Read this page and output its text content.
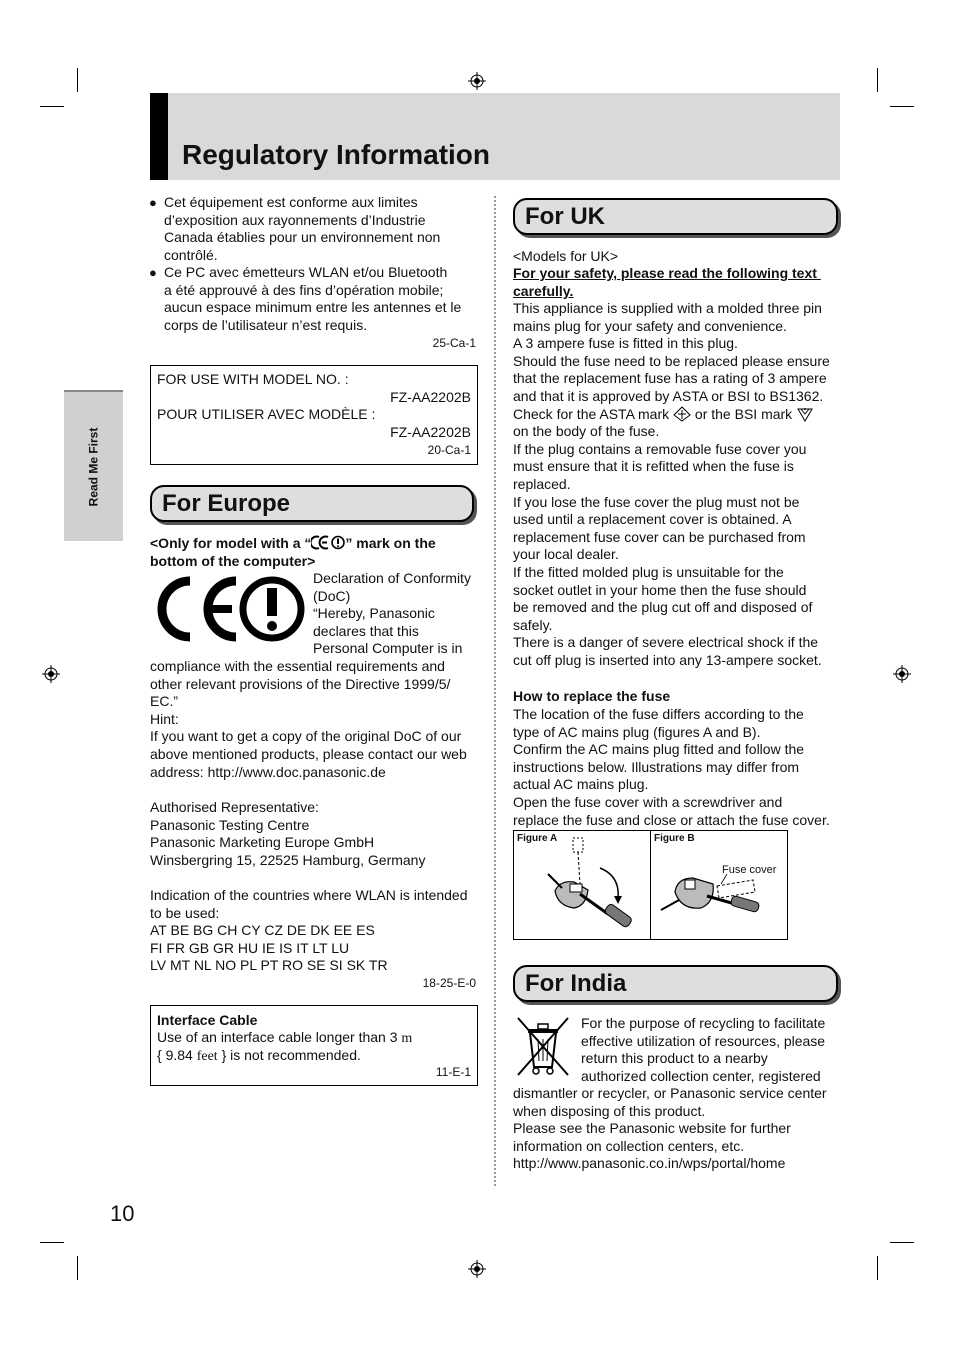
Regulatory Information
Read Me First
● Cet équipement est conforme aux limites
d’exposition aux rayonnements d’Industrie
Canada établies pour un environnement non
contrôlé.
● Ce PC avec émetteurs WLAN et/ou Bluetooth
a été approuvé à des fins d’opération mobile;
aucun espace minimum entre les antennes et le
corps de l’utilisateur n’est requis.
25-Ca-1
FOR USE WITH MODEL NO. :
FZ-AA2202B
POUR UTILISER AVEC MODÈLE :
FZ-AA2202B
20-Ca-1
For Europe
<Only for model with a “ ” mark on the
bottom of the computer>
Declaration of Conformity
(DoC)
“Hereby, Panasonic
declares that this
Personal Computer is in
compliance with the essential requirements and
other relevant provisions of the Directive 1999/5/
EC.”
Hint:
If you want to get a copy of the original DoC of our
above mentioned products, please contact our web
address: http://www.doc.panasonic.de
Authorised Representative:
Panasonic Testing Centre
Panasonic Marketing Europe GmbH
Winsbergring 15, 22525 Hamburg, Germany
Indication of the countries where WLAN is intended
to be used:
AT BE BG CH CY CZ DE DK EE ES
FI FR GB GR HU IE IS IT LT LU
LV MT NL NO PL PT RO SE SI SK TR
18-25-E-0
Interface Cable
Use of an interface cable longer than 3 m
{ 9.84 feet } is not recommended.
11-E-1
For UK
<Models for UK>
For your safety, please read the following text
carefully.
This appliance is supplied with a molded three pin
mains plug for your safety and convenience.
A 3 ampere fuse is fitted in this plug.
Should the fuse need to be replaced please ensure
that the replacement fuse has a rating of 3 ampere
and that it is approved by ASTA or BSI to BS1362.
Check for the ASTA mark  or the BSI mark
on the body of the fuse.
If the plug contains a removable fuse cover you
must ensure that it is refitted when the fuse is
replaced.
If you lose the fuse cover the plug must not be
used until a replacement cover is obtained. A
replacement fuse cover can be purchased from
your local dealer.
If the fitted molded plug is unsuitable for the
socket outlet in your home then the fuse should
be removed and the plug cut off and disposed of
safely.
There is a danger of severe electrical shock if the
cut off plug is inserted into any 13-ampere socket.
How to replace the fuse
The location of the fuse differs according to the
type of AC mains plug (figures A and B).
Confirm the AC mains plug fitted and follow the
instructions below. Illustrations may differ from
actual AC mains plug.
Open the fuse cover with a screwdriver and
replace the fuse and close or attach the fuse cover.
Figure A	Figure B
Fuse cover
For India
For the purpose of recycling to facilitate
effective utilization of resources, please
return this product to a nearby
authorized collection center, registered
dismantler or recycler, or Panasonic service center
when disposing of this product.
Please see the Panasonic website for further
information on collection centers, etc.
http://www.panasonic.co.in/wps/portal/home
10
